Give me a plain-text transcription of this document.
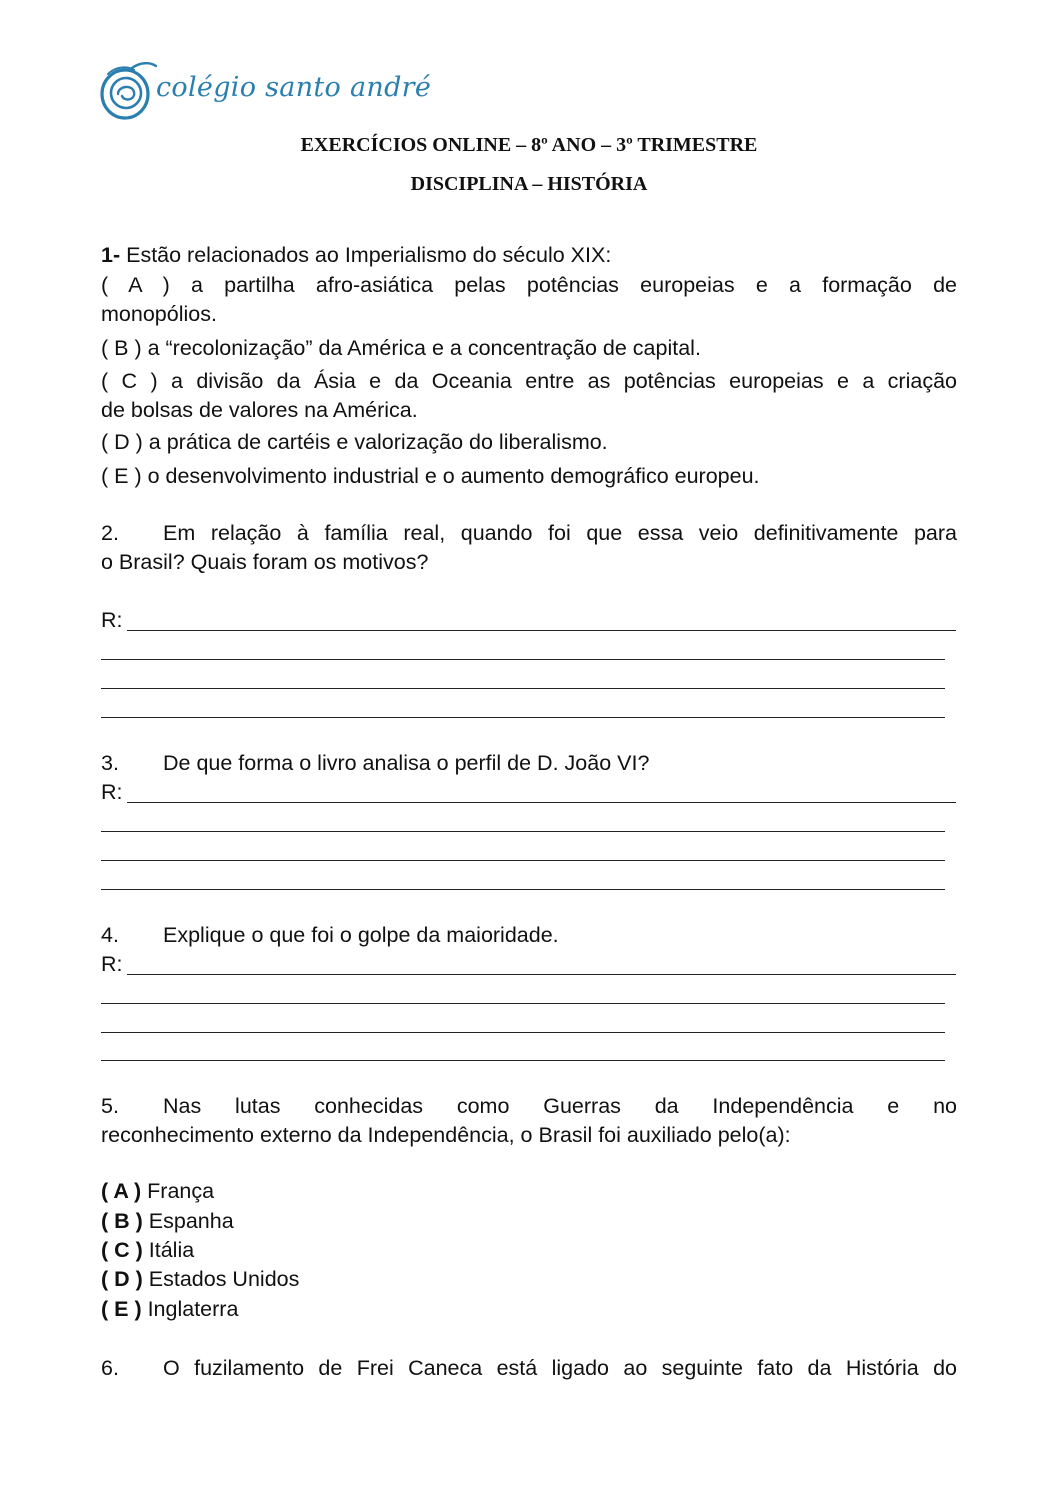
colégio santo andré
EXERCÍCIOS ONLINE – 8º ANO – 3º TRIMESTRE
DISCIPLINA – HISTÓRIA
1- Estão relacionados ao Imperialismo do século XIX:
( A ) a partilha afro-asiática pelas potências europeias e a formação de
monopólios.
( B ) a “recolonização” da América e a concentração de capital.
( C ) a divisão da Ásia e da Oceania entre as potências europeias e a criação
de bolsas de valores na América.
( D ) a prática de cartéis e valorização do liberalismo.
( E ) o desenvolvimento industrial e o aumento demográfico europeu.
2. Em relação à família real, quando foi que essa veio definitivamente para
o Brasil? Quais foram os motivos?
R:
3. De que forma o livro analisa o perfil de D. João VI?
R:
4. Explique o que foi o golpe da maioridade.
R:
5. Nas lutas conhecidas como Guerras da Independência e no
reconhecimento externo da Independência, o Brasil foi auxiliado pelo(a):
( A ) França
( B ) Espanha
( C ) Itália
( D ) Estados Unidos
( E ) Inglaterra
6. O fuzilamento de Frei Caneca está ligado ao seguinte fato da História do
